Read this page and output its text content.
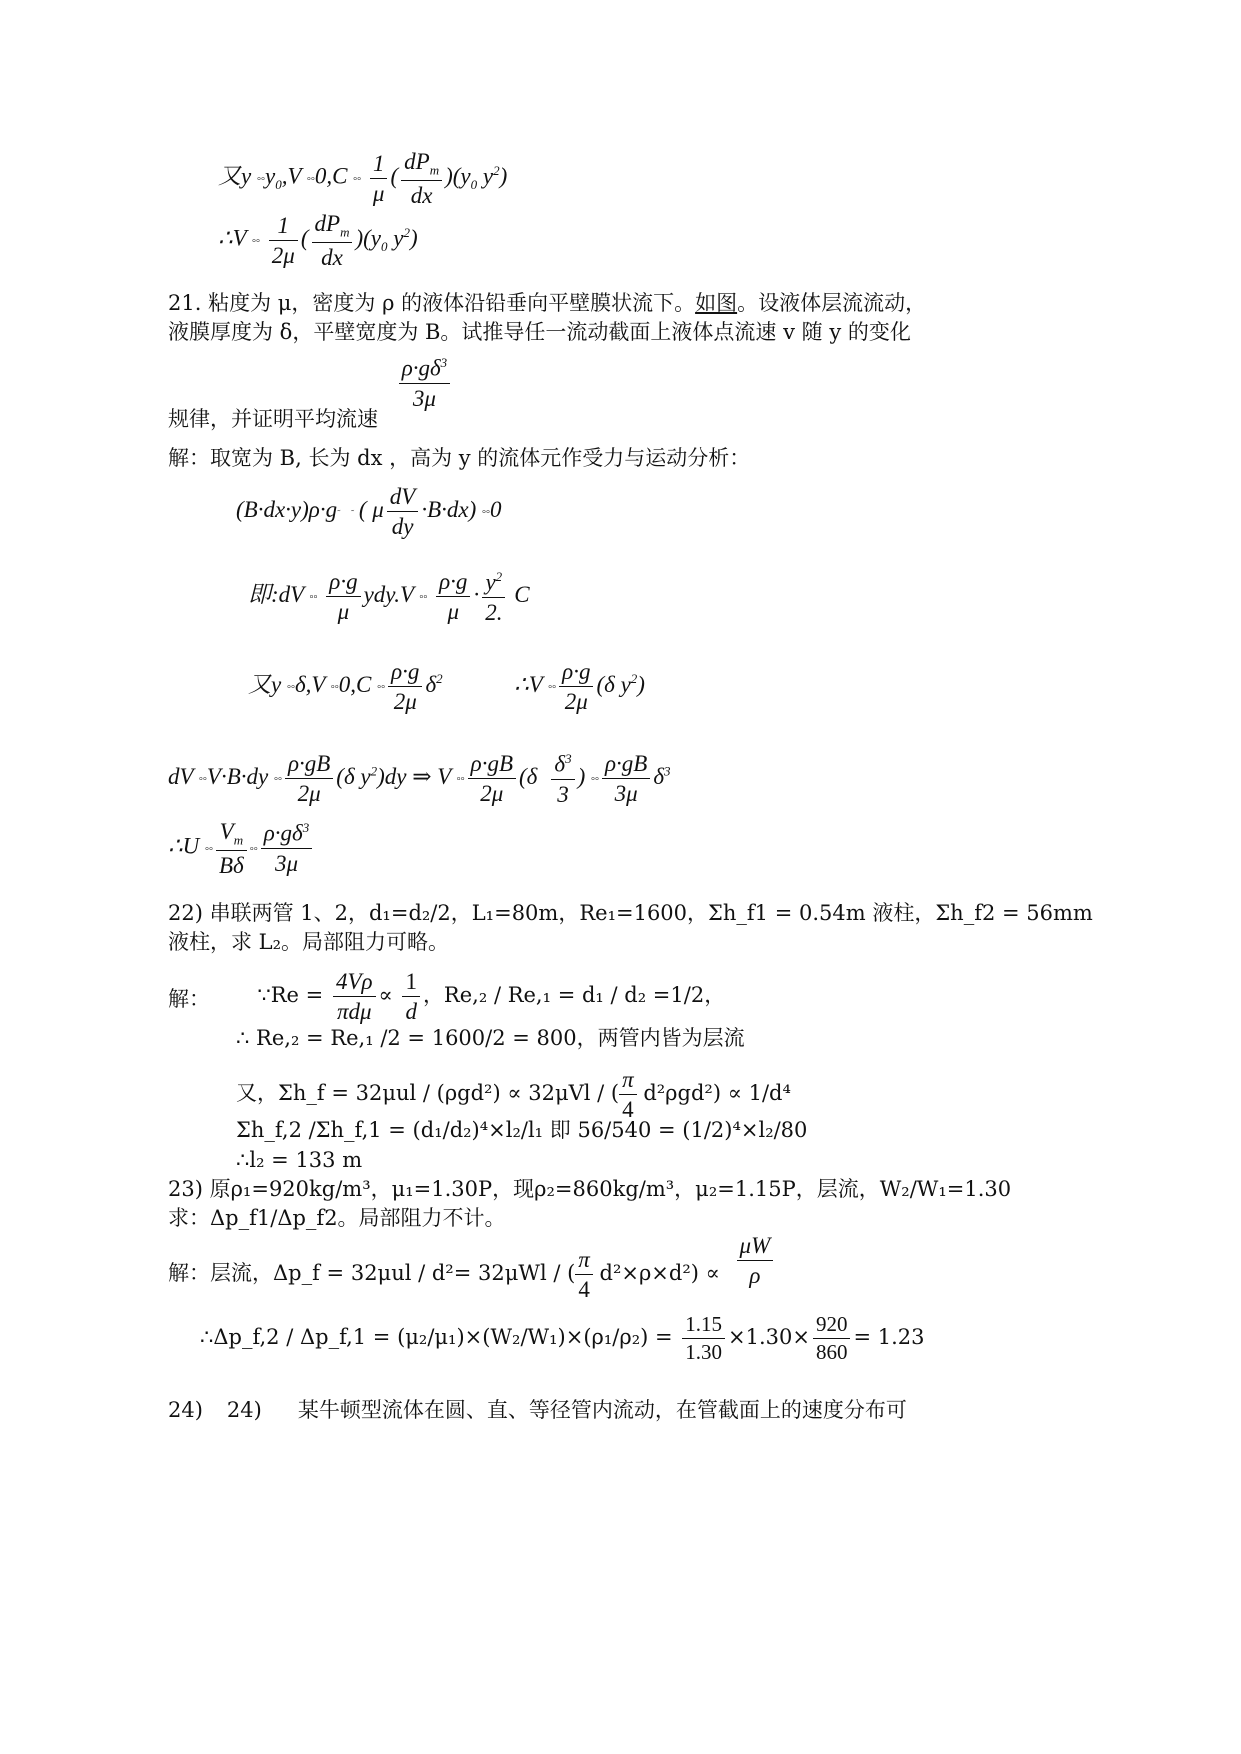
又y $^\circ^\circ y_0,V$ °°0,C °° $\frac{1}{\mu}$ ( $\frac{dP_m}{dx} )(y_0$ $y^2$)
∴V °° $\frac{1}{2\mu}$ ( $\frac{dP_m}{dx} )(y_0$ $y^2$)
21. 粘度为 μ，密度为 ρ 的液体沿铅垂向平壁膜状流下。如图。设液体层流流动，
液膜厚度为 δ，平壁宽度为 B。试推导任一流动截面上液体点流速 v 随 y 的变化
规律，并证明平均流速
$\frac{\rho\cdot g\delta^3}{3\mu}$
解：取宽为 B, 长为 dx ，高为 y 的流体元作受力与运动分析：
(B·dx·y)ρ·g˜ ˜ ( μ $\frac{dV}{dy} \cdot B\cdot dx$) °°0
即:dV °° $\frac{\rho\cdot g}{\mu} ydy.V$ °° $\frac{\rho\cdot g}{\mu} \cdot \frac{y^2}{2.}$ C
又y °°δ,V °°0,C °° $\frac{\rho\cdot g}{2\mu} \delta^2$	∴V °° $\frac{\rho\cdot g}{2\mu} (\delta$ $y^2$)
dV °°V·B·dy °° $\frac{\rho\cdot gB}{2\mu} (\delta$ $y^2)dy$ ⇒ V °° $\frac{\rho\cdot gB}{2\mu} (\delta \frac{\delta^3}{3}$ ) °° $\frac{\rho\cdot gB}{3\mu} \delta^3$
∴U °° $\frac{V_m}{B\delta}$ °° $\frac{\rho\cdot g\delta^3}{3\mu}$
22) 串联两管 1、2，d₁=d₂/2，L₁=80m，Re₁=1600，Σh_f1 = 0.54m 液柱，Σh_f2 = 56mm
液柱，求 L₂。局部阻力可略。
解： ∵Re = $\frac{4V\rho}{\text{πdμ}} \propto \frac{1}{d}$ ，Re,₂ / Re,₁ = d₁ / d₂ =1/2，
∴ Re,₂ = Re,₁ /2 = 1600/2 = 800，两管内皆为层流
又，Σh_f = 32μul / (ρgd²) ∝ 32μVl / ( $\frac{\pi}{4} d^2\rho gd^2) \propto 1/d^4$
Σh_f,2 /Σh_f,1 = (d₁/d₂)⁴×l₂/l₁ 即 56/540 = (1/2)⁴×l₂/80
∴l₂ = 133 m
23) 原ρ₁=920kg/m³，μ₁=1.30P，现ρ₂=860kg/m³，μ₂=1.15P，层流，W₂/W₁=1.30
求：Δp_f1/Δp_f2。局部阻力不计。
解：层流，Δp_f = 32μul / d²= 32μWl / ( $\frac{\pi}{4} d^2\times\rho\times d^2) \propto \frac{\mu W}{\rho}$
∴Δp_f,2 / Δp_f,1 = $(\mu_2/\mu_1)\times(W_2/W_1)\times(\rho_1/\rho_2) = \frac{1.15}{1.30} \times 1.30\times \frac{920}{860} = 1.23$
24) 24) 某牛顿型流体在圆、直、等径管内流动，在管截面上的速度分布可
